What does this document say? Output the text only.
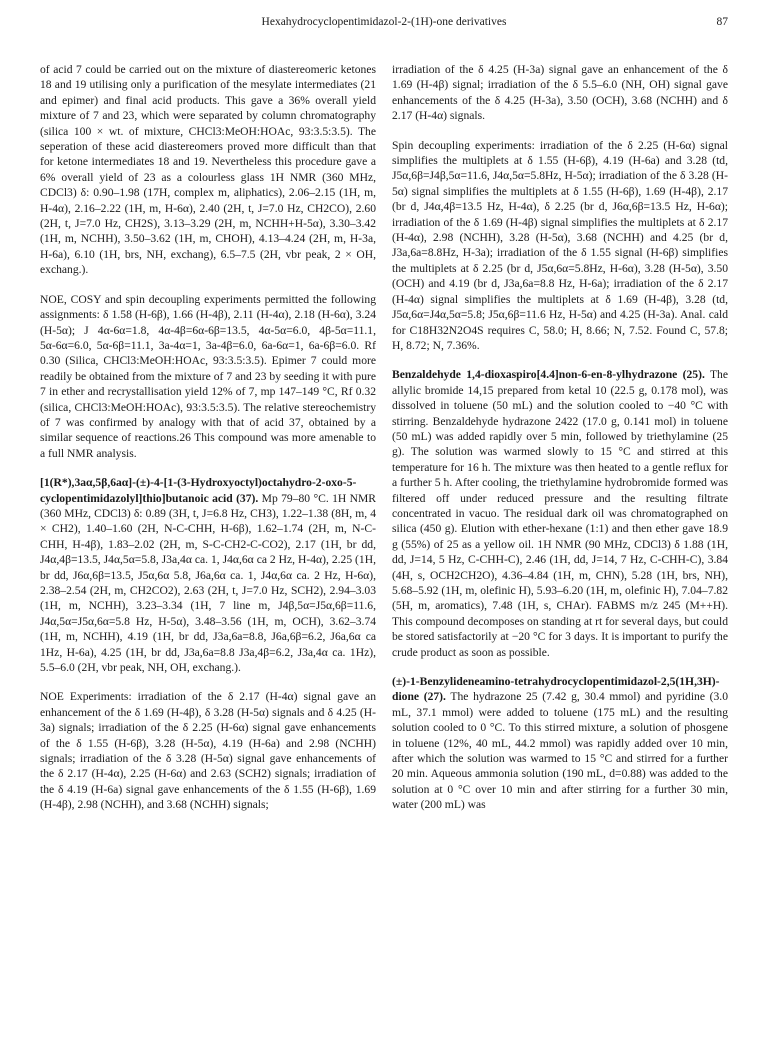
Hexahydrocyclopentimidazol-2-(1H)-one derivatives	87

of acid 7 could be carried out on the mixture of diastereomeric ketones 18 and 19 utilising only a purification of the mesylate intermediates (21 and epimer) and final acid products. This gave a 36% overall yield mixture of 7 and 23, which were separated by column chromatography (silica 100 × wt. of mixture, CHCl3:MeOH:HOAc, 93:3.5:3.5). The seperation of these acid diastereomers proved more difficult than that for ketone intermediates 18 and 19. Nevertheless this procedure gave a 6% overall yield of 23 as a colourless glass 1H NMR (360 MHz, CDCl3) δ: 0.90–1.98 (17H, complex m, aliphatics), 2.06–2.15 (1H, m, H-4α), 2.16–2.22 (1H, m, H-6α), 2.40 (2H, t, J=7.0 Hz, CH2CO), 2.60 (2H, t, J=7.0 Hz, CH2S), 3.13–3.29 (2H, m, NCHH+H-5α), 3.30–3.42 (1H, m, NCHH), 3.50–3.62 (1H, m, CHOH), 4.13–4.24 (2H, m, H-3a, H-6a), 6.10 (1H, brs, NH, exchang), 6.5–7.5 (2H, vbr peak, 2 × OH, exchang.).

NOE, COSY and spin decoupling experiments permitted the following assignments: δ 1.58 (H-6β), 1.66 (H-4β), 2.11 (H-4α), 2.18 (H-6α), 3.24 (H-5α); J 4α-6α=1.8, 4α-4β=6α-6β=13.5, 4α-5α=6.0, 4β-5α=11.1, 5α-6α=6.0, 5α-6β=11.1, 3a-4α=1, 3a-4β=6.0, 6a-6α=1, 6a-6β=6.0. Rf 0.30 (Silica, CHCl3:MeOH:HOAc, 93:3.5:3.5). Epimer 7 could more readily be obtained from the mixture of 7 and 23 by seeding it with pure 7 in ether and recrystallisation yield 12% of 7, mp 147–149 °C, Rf 0.32 (silica, CHCl3:MeOH:HOAc), 93:3.5:3.5). The relative stereochemistry of 7 was confirmed by analogy with that of acid 37, obtained by a similar sequence of reactions.26 This compound was more amenable to a full NMR analysis.

[1(R*),3aα,5β,6aα]-(±)-4-[1-(3-Hydroxyoctyl)octahydro-2-oxo-5-cyclopentimidazolyl]thio]butanoic acid (37). Mp 79–80 °C. 1H NMR (360 MHz, CDCl3) δ: 0.89 (3H, t, J=6.8 Hz, CH3), 1.22–1.38 (8H, m, 4 × CH2), 1.40–1.60 (2H, N-C-CHH, H-6β), 1.62–1.74 (2H, m, N-C-CHH, H-4β), 1.83–2.02 (2H, m, S-C-CH2-C-CO2), 2.17 (1H, br dd, J4α,4β=13.5, J4α,5α=5.8, J3a,4α ca. 1, J4α,6α ca 2 Hz, H-4α), 2.25 (1H, br dd, J6α,6β=13.5, J5α,6α 5.8, J6a,6α ca. 1, J4α,6α ca. 2 Hz, H-6α), 2.38–2.54 (2H, m, CH2CO2), 2.63 (2H, t, J=7.0 Hz, SCH2), 2.94–3.03 (1H, m, NCHH), 3.23–3.34 (1H, 7 line m, J4β,5α=J5α,6β=11.6, J4α,5α=J5α,6α=5.8 Hz, H-5α), 3.48–3.56 (1H, m, OCH), 3.62–3.74 (1H, m, NCHH), 4.19 (1H, br dd, J3a,6a=8.8, J6a,6β=6.2, J6a,6α ca 1Hz, H-6a), 4.25 (1H, br dd, J3a,6a=8.8 J3a,4β=6.2, J3a,4α ca. 1Hz), 5.5–6.0 (2H, vbr peak, NH, OH, exchang.).

NOE Experiments: irradiation of the δ 2.17 (H-4α) signal gave an enhancement of the δ 1.69 (H-4β), δ 3.28 (H-5α) signals and δ 4.25 (H-3a) signals; irradiation of the δ 2.25 (H-6α) signal gave enhancements of the δ 1.55 (H-6β), 3.28 (H-5α), 4.19 (H-6a) and 2.98 (NCHH) signals; irradiation of the δ 3.28 (H-5α) signal gave enhancements of the δ 2.17 (H-4α), 2.25 (H-6α) and 2.63 (SCH2) signals; irradiation of the δ 4.19 (H-6a) signal gave enhancements of the δ 1.55 (H-6β), 1.69 (H-4β), 2.98 (NCHH), and 3.68 (NCHH) signals;

irradiation of the δ 4.25 (H-3a) signal gave an enhancement of the δ 1.69 (H-4β) signal; irradiation of the δ 5.5–6.0 (NH, OH) signal gave enhancements of the δ 4.25 (H-3a), 3.50 (OCH), 3.68 (NCHH) and δ 2.17 (H-4α) signals.

Spin decoupling experiments: irradiation of the δ 2.25 (H-6α) signal simplifies the multiplets at δ 1.55 (H-6β), 4.19 (H-6a) and 3.28 (td, J5α,6β=J4β,5α=11.6, J4α,5α=5.8Hz, H-5α); irradiation of the δ 3.28 (H-5α) signal simplifies the multiplets at δ 1.55 (H-6β), 1.69 (H-4β), 2.17 (br d, J4α,4β=13.5 Hz, H-4α), δ 2.25 (br d, J6α,6β=13.5 Hz, H-6α); irradiation of the δ 1.69 (H-4β) signal simplifies the multiplets at δ 2.17 (H-4α), 2.98 (NCHH), 3.28 (H-5α), 3.68 (NCHH) and 4.25 (br d, J3a,6a=8.8Hz, H-3a); irradiation of the δ 1.55 signal (H-6β) simplifies the multiplets at δ 2.25 (br d, J5α,6α=5.8Hz, H-6α), 3.28 (H-5α), 3.50 (OCH) and 4.19 (br d, J3a,6a=8.8 Hz, H-6a); irradiation of the δ 2.17 (H-4α) signal simplifies the multiplets at δ 1.69 (H-4β), 3.28 (td, J5α,6α=J4α,5α=5.8; J5α,6β=11.6 Hz, H-5α) and 4.25 (H-3a). Anal. cald for C18H32N2O4S requires C, 58.0; H, 8.66; N, 7.52. Found C, 57.8; H, 8.72; N, 7.36%.

Benzaldehyde 1,4-dioxaspiro[4.4]non-6-en-8-ylhydrazone (25). The allylic bromide 14,15 prepared from ketal 10 (22.5 g, 0.178 mol), was dissolved in toluene (50 mL) and the solution cooled to −40 °C with stirring. Benzaldehyde hydrazone 2422 (17.0 g, 0.141 mol) in toluene (50 mL) was added rapidly over 5 min, followed by triethylamine (25 g). The solution was warmed slowly to 15 °C and stirred at this temperature for 16 h. The mixture was then heated to a gentle reflux for a further 5 h. After cooling, the triethylamine hydrobromide formed was filtered off under reduced pressure and the resulting filtrate concentrated in vacuo. The residual dark oil was chromatographed on silica (450 g). Elution with ether-hexane (1:1) and then ether gave 18.9 g (55%) of 25 as a yellow oil. 1H NMR (90 MHz, CDCl3) δ 1.88 (1H, dd, J=14, 5 Hz, C-CHH-C), 2.46 (1H, dd, J=14, 7 Hz, C-CHH-C), 3.84 (4H, s, OCH2CH2O), 4.36–4.84 (1H, m, CHN), 5.28 (1H, brs, NH), 5.68–5.92 (1H, m, olefinic H), 5.93–6.20 (1H, m, olefinic H), 7.04–7.82 (5H, m, aromatics), 7.48 (1H, s, CHAr). FABMS m/z 245 (M++H). This compound decomposes on standing at rt for several days, but could be stored satisfactorily at −20 °C for 3 days. It is important to purify the crude product as soon as possible.

(±)-1-Benzylideneamino-tetrahydrocyclopentimidazol-2,5(1H,3H)-dione (27). The hydrazone 25 (7.42 g, 30.4 mmol) and pyridine (3.0 mL, 37.1 mmol) were added to toluene (175 mL) and the resulting solution cooled to 0 °C. To this stirred mixture, a solution of phosgene in toluene (12%, 40 mL, 44.2 mmol) was rapidly added over 10 min, after which the solution was warmed to 15 °C and stirred for a further 20 min. Aqueous ammonia solution (190 mL, d=0.88) was added to the solution at 0 °C over 10 min and after stirring for a further 30 min, water (200 mL) was
